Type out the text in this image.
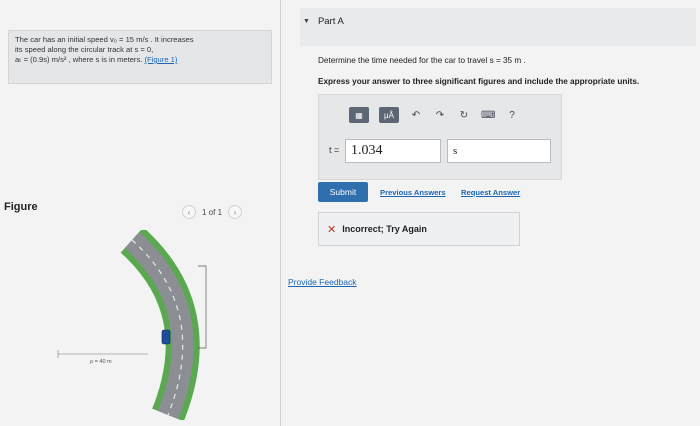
The car has an initial speed v₀ = 15 m/s . It increases
its speed along the circular track at s = 0,
aₜ = (0.9s) m/s² , where s is in meters. (Figure 1)

Figure	‹	1 of 1	›
ρ = 40 m
▼ Part A
Determine the time needed for the car to travel s = 35 m .
Express your answer to three significant figures and include the appropriate units.
▦	μÅ	↶ ↷ ↻ ⌨	?
t = 1.034	s
Submit	Previous Answers Request Answer
✕ Incorrect; Try Again
Provide Feedback
